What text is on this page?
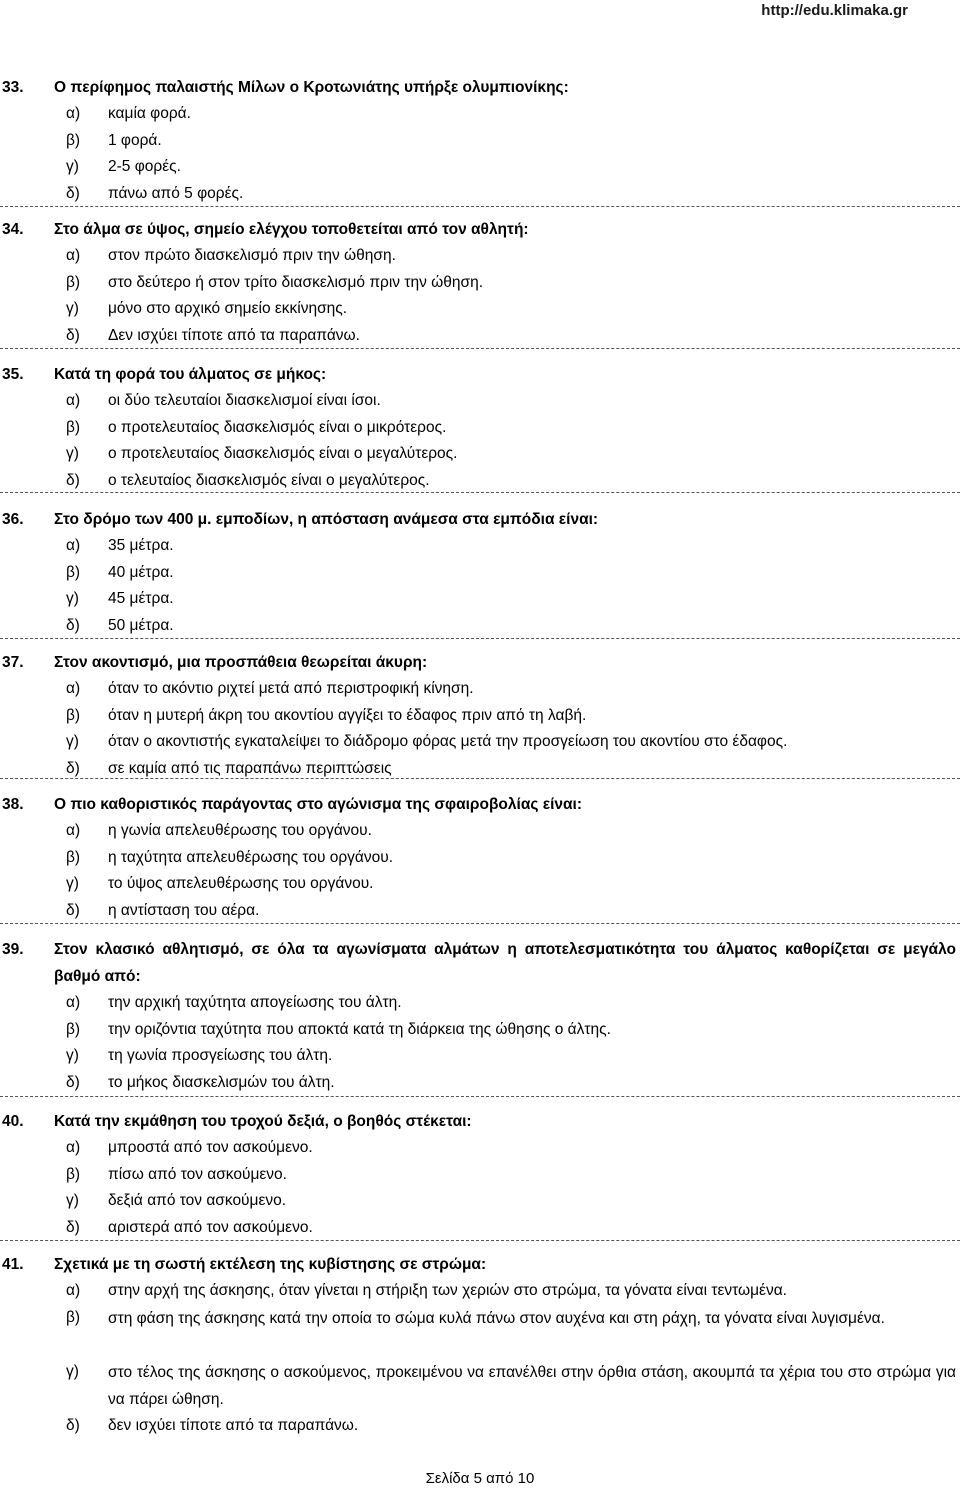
http://edu.klimaka.gr
33. Ο περίφημος παλαιστής Μίλων ο Κροτωνιάτης υπήρξε ολυμπιονίκης:
α) καμία φορά.
β) 1 φορά.
γ) 2-5 φορές.
δ) πάνω από 5 φορές.
34. Στο άλμα σε ύψος, σημείο ελέγχου τοποθετείται από τον αθλητή:
α) στον πρώτο διασκελισμό πριν την ώθηση.
β) στο δεύτερο ή στον τρίτο διασκελισμό πριν την ώθηση.
γ) μόνο στο αρχικό σημείο εκκίνησης.
δ) Δεν ισχύει τίποτε από τα παραπάνω.
35. Κατά τη φορά του άλματος σε μήκος:
α) οι δύο τελευταίοι διασκελισμοί είναι ίσοι.
β) ο προτελευταίος διασκελισμός είναι ο μικρότερος.
γ) ο προτελευταίος διασκελισμός είναι ο μεγαλύτερος.
δ) ο τελευταίος διασκελισμός είναι ο μεγαλύτερος.
36. Στο δρόμο των 400 μ. εμποδίων, η απόσταση ανάμεσα στα εμπόδια είναι:
α) 35 μέτρα.
β) 40 μέτρα.
γ) 45 μέτρα.
δ) 50 μέτρα.
37. Στον ακοντισμό, μια προσπάθεια θεωρείται άκυρη:
α) όταν το ακόντιο ριχτεί μετά από περιστροφική κίνηση.
β) όταν η μυτερή άκρη του ακοντίου αγγίξει το έδαφος πριν από τη λαβή.
γ) όταν ο ακοντιστής εγκαταλείψει το διάδρομο φόρας μετά την προσγείωση του ακοντίου στο έδαφος.
δ) σε καμία από τις παραπάνω περιπτώσεις
38. Ο πιο καθοριστικός παράγοντας στο αγώνισμα της σφαιροβολίας είναι:
α) η γωνία απελευθέρωσης του οργάνου.
β) η ταχύτητα απελευθέρωσης του οργάνου.
γ) το ύψος απελευθέρωσης του οργάνου.
δ) η αντίσταση του αέρα.
39. Στον κλασικό αθλητισμό, σε όλα τα αγωνίσματα αλμάτων η αποτελεσματικότητα του άλματος καθορίζεται σε μεγάλο βαθμό από:
α) την αρχική ταχύτητα απογείωσης του άλτη.
β) την οριζόντια ταχύτητα που αποκτά κατά τη διάρκεια της ώθησης ο άλτης.
γ) τη γωνία προσγείωσης του άλτη.
δ) το μήκος διασκελισμών του άλτη.
40. Κατά την εκμάθηση του τροχού δεξιά, ο βοηθός στέκεται:
α) μπροστά από τον ασκούμενο.
β) πίσω από τον ασκούμενο.
γ) δεξιά από τον ασκούμενο.
δ) αριστερά από τον ασκούμενο.
41. Σχετικά με τη σωστή εκτέλεση της κυβίστησης σε στρώμα:
α) στην αρχή της άσκησης, όταν γίνεται η στήριξη των χεριών στο στρώμα, τα γόνατα είναι τεντωμένα.
β) στη φάση της άσκησης κατά την οποία το σώμα κυλά πάνω στον αυχένα και στη ράχη, τα γόνατα είναι λυγισμένα.
γ) στο τέλος της άσκησης ο ασκούμενος, προκειμένου να επανέλθει στην όρθια στάση, ακουμπά τα χέρια του στο στρώμα για να πάρει ώθηση.
δ) δεν ισχύει τίποτε από τα παραπάνω.
Σελίδα 5 από 10
